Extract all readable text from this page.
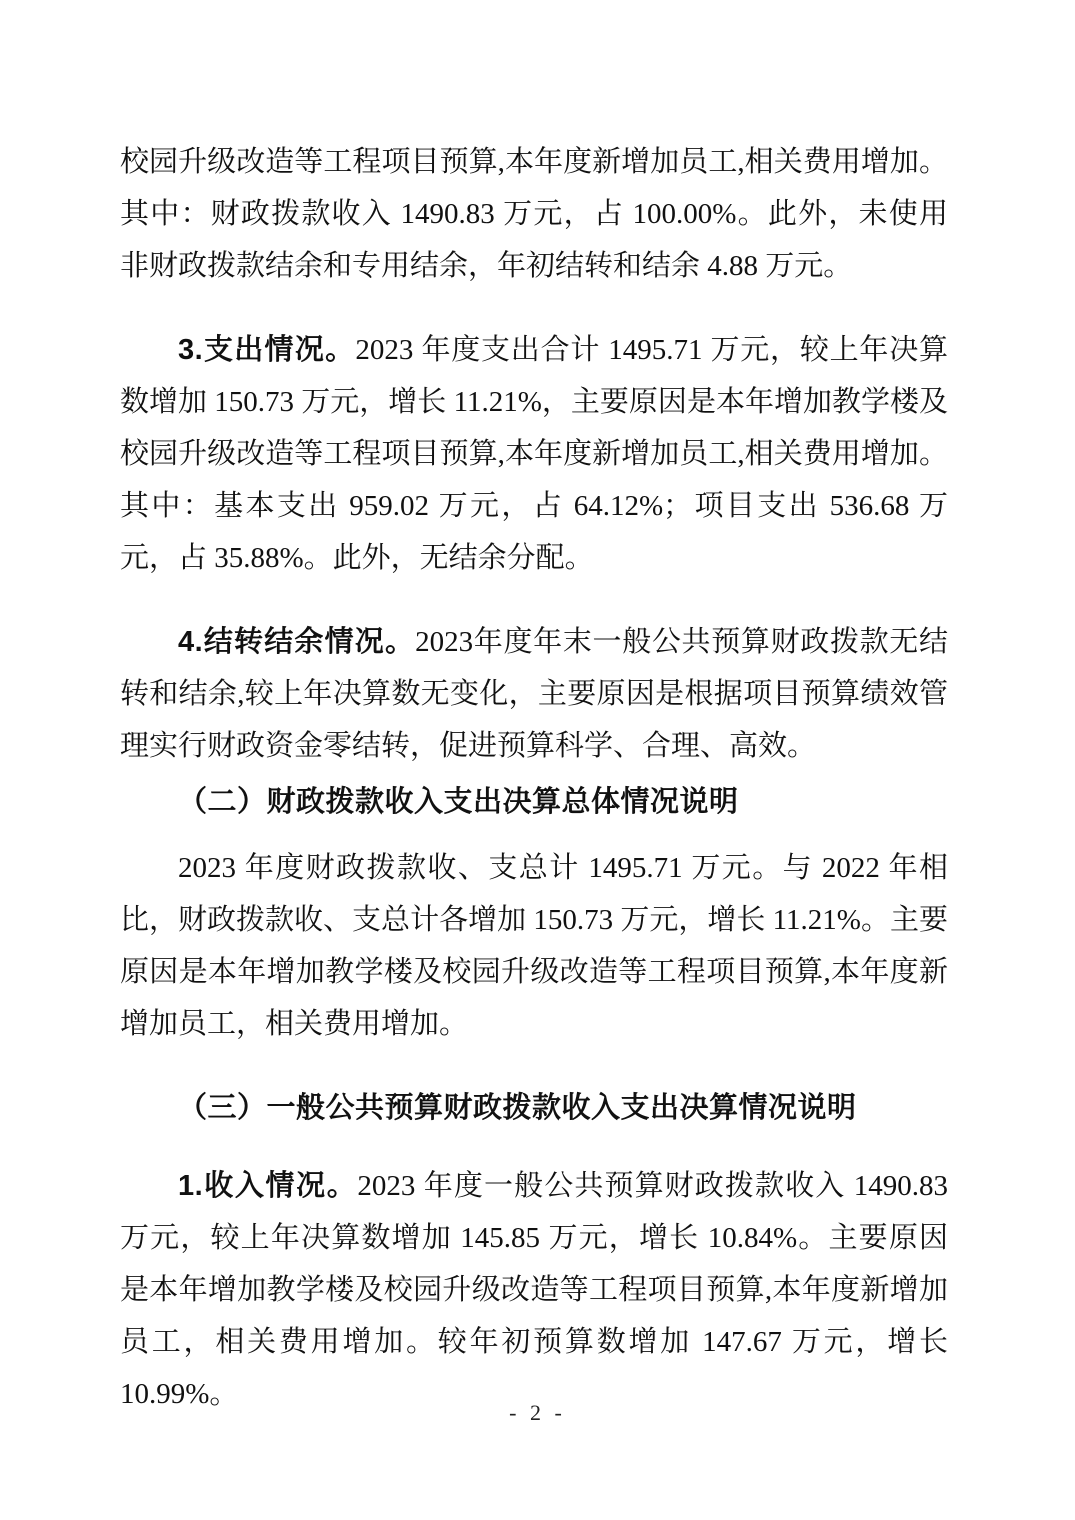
校园升级改造等工程项目预算,本年度新增加员工,相关费用增加。其中：财政拨款收入 1490.83 万元，占 100.00%。此外，未使用非财政拨款结余和专用结余，年初结转和结余 4.88 万元。

3.支出情况。2023 年度支出合计 1495.71 万元，较上年决算数增加 150.73 万元，增长 11.21%，主要原因是本年增加教学楼及校园升级改造等工程项目预算,本年度新增加员工,相关费用增加。其中：基本支出 959.02 万元，占 64.12%；项目支出 536.68 万元，占 35.88%。此外，无结余分配。

4.结转结余情况。2023年度年末一般公共预算财政拨款无结转和结余,较上年决算数无变化，主要原因是根据项目预算绩效管理实行财政资金零结转，促进预算科学、合理、高效。

（二）财政拨款收入支出决算总体情况说明

2023 年度财政拨款收、支总计 1495.71 万元。与 2022 年相比，财政拨款收、支总计各增加 150.73 万元，增长 11.21%。主要原因是本年增加教学楼及校园升级改造等工程项目预算,本年度新增加员工，相关费用增加。

（三）一般公共预算财政拨款收入支出决算情况说明

1.收入情况。2023 年度一般公共预算财政拨款收入 1490.83 万元，较上年决算数增加 145.85 万元，增长 10.84%。主要原因是本年增加教学楼及校园升级改造等工程项目预算,本年度新增加员工，相关费用增加。较年初预算数增加 147.67 万元，增长 10.99%。

- 2 -
